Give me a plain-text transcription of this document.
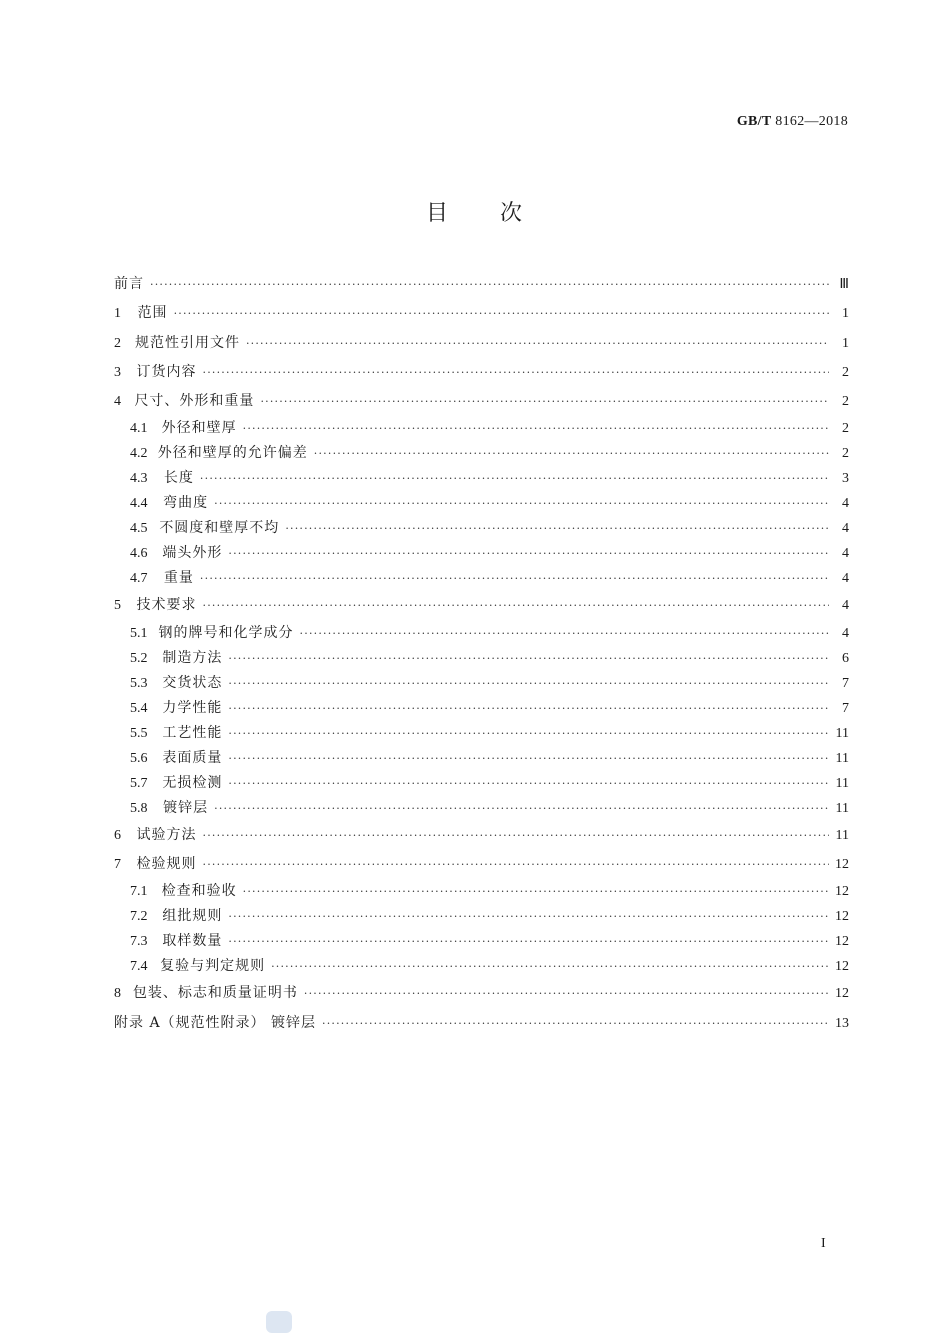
GB/T 8162—2018
目 次
前言 ·····	Ⅲ
1	范围 ·····	1
2 规范性引用文件 ·····	1
3	订货内容 ·····	2
4 尺寸、外形和重量 ·····	2
4.1	外径和壁厚 ·····	2
4.2 外径和壁厚的允许偏差 ·····	2
4.3	长度 ·····	3
4.4	弯曲度 ·····	4
4.5 不圆度和壁厚不均 ·····	4
4.6	端头外形 ·····	4
4.7	重量 ·····	4
5	技术要求 ·····	4
5.1 钢的牌号和化学成分 ·····	4
5.2	制造方法 ·····	6
5.3	交货状态 ·····	7
5.4	力学性能 ·····	7
5.5	工艺性能 ·····	11
5.6	表面质量 ·····	11
5.7	无损检测 ·····	11
5.8	镀锌层 ·····	11
6	试验方法 ·····	11
7	检验规则 ·····	12
7.1	检查和验收 ·····	12
7.2	组批规则 ·····	12
7.3	取样数量 ·····	12
7.4 复验与判定规则 ·····	12
8 包装、标志和质量证明书 ·····	12
附录 A（规范性附录） 镀锌层 ·····	13
I
